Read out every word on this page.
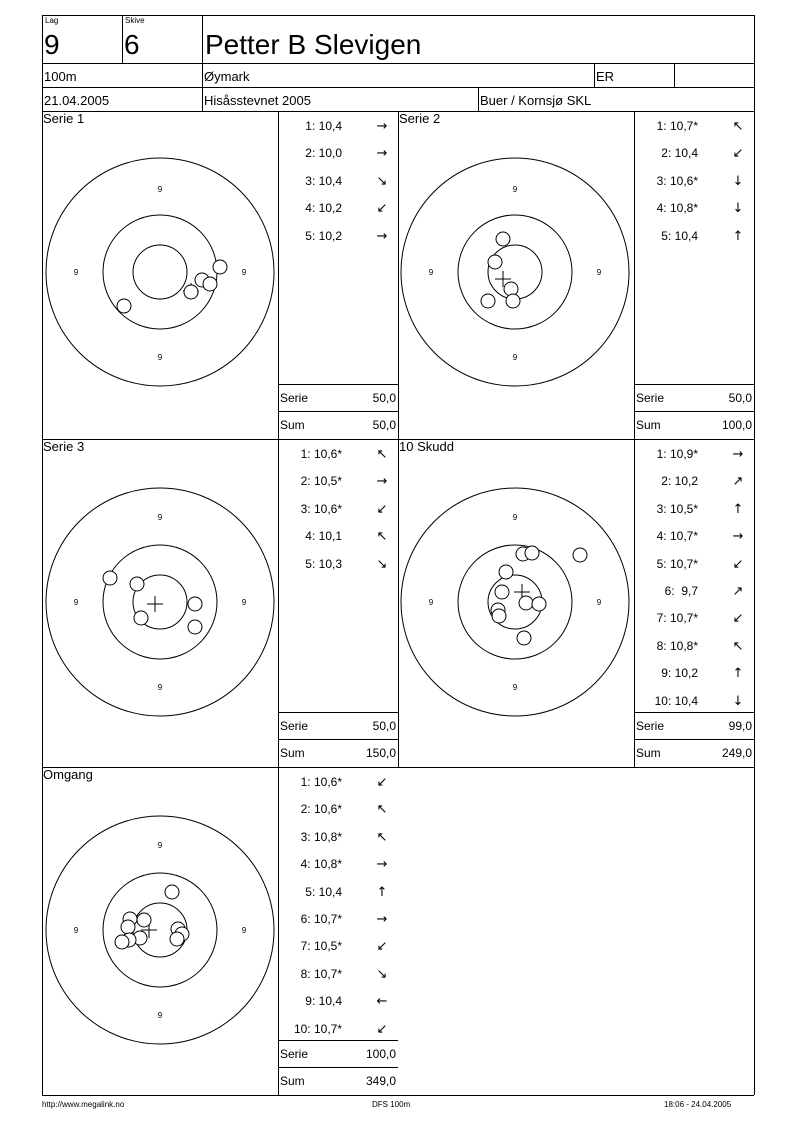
Lag
9
Skive
6 Petter B Slevigen
100m	Øymark	ER
21.04.2005	Hisåsstevnet 2005	Buer / Kornsjø SKL
Serie 1	Serie 2
Serie 3	10 Skudd
Omgang
9
9
9	9
9
9
9	9
9
9
9	9
9
9
9	9
9
9
9	9
1: 10,4	→
2: 10,0	→
3: 10,4	↘
4: 10,2	↙
5: 10,2	→
1: 10,7*	↖
2: 10,4	↙
3: 10,6*	↓
4: 10,8*	↓
5: 10,4	↑
1: 10,6*	↖
2: 10,5*	→
3: 10,6*	↙
4: 10,1	↖
5: 10,3	↘
1: 10,9*	→
2: 10,2	↗
3: 10,5*	↑
4: 10,7*	→
5: 10,7*	↙
6:  9,7	↗
7: 10,7*	↙
8: 10,8*	↖
9: 10,2	↑
10: 10,4	↓
1: 10,6*	↙
2: 10,6*	↖
3: 10,8*	↖
4: 10,8*	→
5: 10,4	↑
6: 10,7*	→
7: 10,5*	↙
8: 10,7*	↘
9: 10,4	←
10: 10,7*	↙
Serie	50,0
Sum	50,0
Serie	50,0
Sum	100,0
Serie	50,0
Sum	150,0
Serie	99,0
Sum	249,0
Serie	100,0
Sum	349,0
http://www.megalink.no	DFS 100m	18:06 - 24.04.2005
